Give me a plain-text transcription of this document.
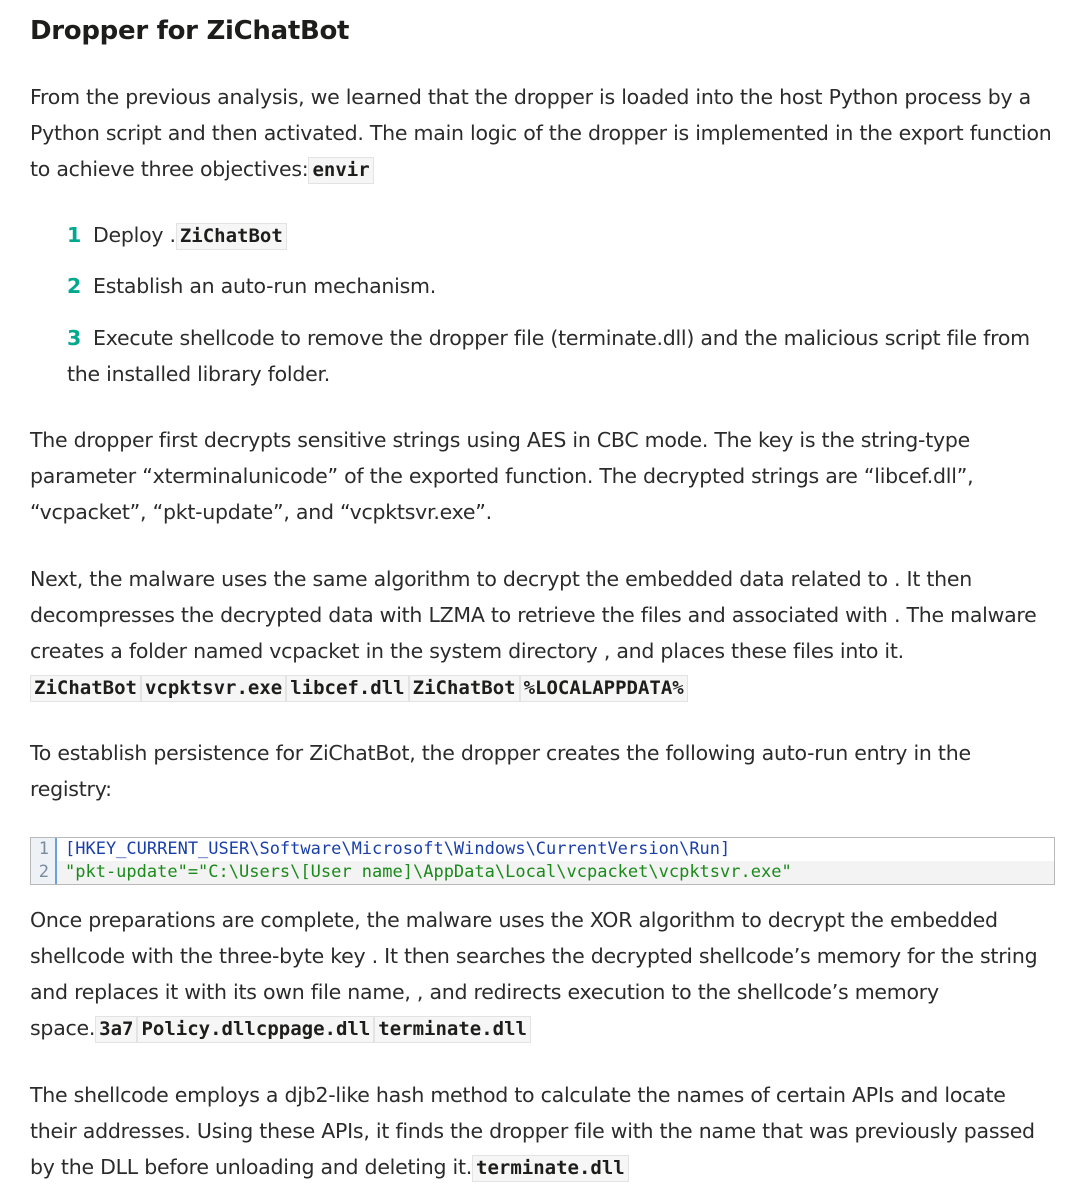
Dropper for ZiChatBot

From the previous analysis, we learned that the dropper is loaded into the host Python process by a Python script and then activated. The main logic of the dropper is implemented in the export function to achieve three objectives: envir

1 Deploy . ZiChatBot
2 Establish an auto-run mechanism.
3 Execute shellcode to remove the dropper file (terminate.dll) and the malicious script file from the installed library folder.

The dropper first decrypts sensitive strings using AES in CBC mode. The key is the string-type parameter “xterminalunicode” of the exported function. The decrypted strings are “libcef.dll”, “vcpacket”, “pkt-update”, and “vcpktsvr.exe”.

Next, the malware uses the same algorithm to decrypt the embedded data related to . It then decompresses the decrypted data with LZMA to retrieve the files and associated with . The malware creates a folder named vcpacket in the system directory , and places these files into it.
ZiChatBot vcpktsvr.exe libcef.dll ZiChatBot %LOCALAPPDATA%

To establish persistence for ZiChatBot, the dropper creates the following auto-run entry in the registry:

1 [HKEY_CURRENT_USER\Software\Microsoft\Windows\CurrentVersion\Run]
2 "pkt-update"="C:\Users\[User name]\AppData\Local\vcpacket\vcpktsvr.exe"

Once preparations are complete, the malware uses the XOR algorithm to decrypt the embedded shellcode with the three-byte key . It then searches the decrypted shellcode’s memory for the string and replaces it with its own file name, , and redirects execution to the shellcode’s memory space. 3a7 Policy.dllcppage.dll terminate.dll

The shellcode employs a djb2-like hash method to calculate the names of certain APIs and locate their addresses. Using these APIs, it finds the dropper file with the name that was previously passed by the DLL before unloading and deleting it. terminate.dll
